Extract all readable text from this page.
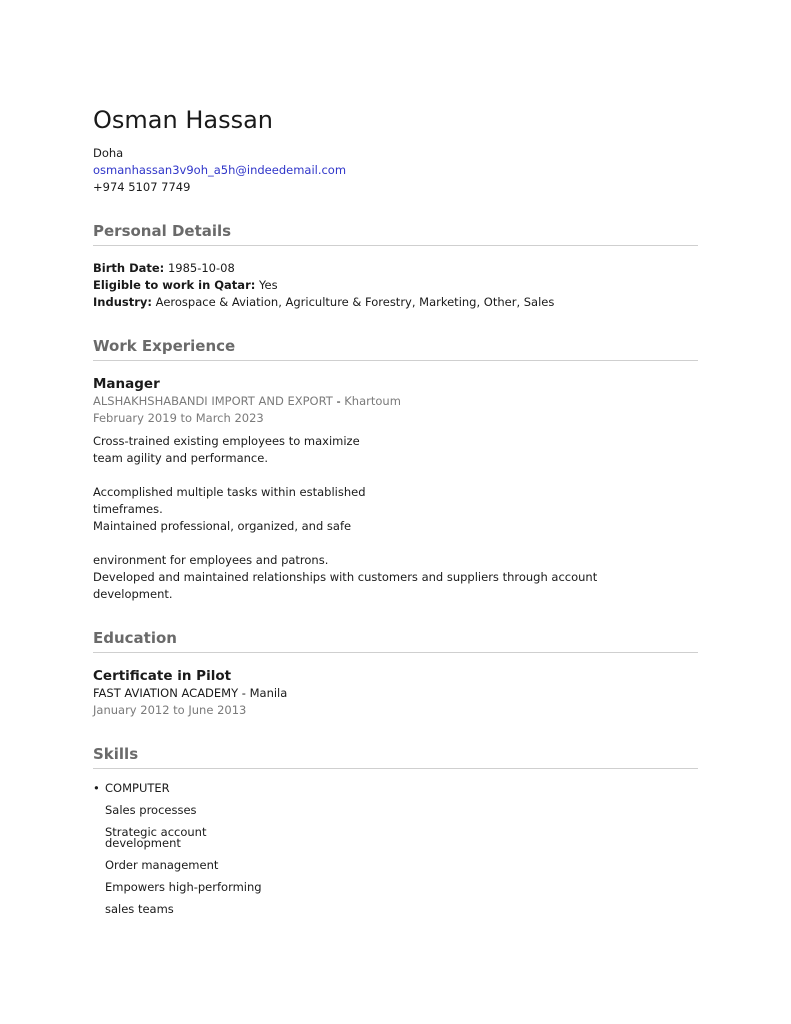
Osman Hassan
Doha
osmanhassan3v9oh_a5h@indeedemail.com
+974 5107 7749
Personal Details
Birth Date: 1985-10-08
Eligible to work in Qatar: Yes
Industry: Aerospace & Aviation, Agriculture & Forestry, Marketing, Other, Sales
Work Experience
Manager
ALSHAKHSHABANDI IMPORT AND EXPORT - Khartoum
February 2019 to March 2023
Cross-trained existing employees to maximize
team agility and performance.

Accomplished multiple tasks within established
timeframes.
Maintained professional, organized, and safe

environment for employees and patrons.
Developed and maintained relationships with customers and suppliers through account
development.
Education
Certificate in Pilot
FAST AVIATION ACADEMY - Manila
January 2012 to June 2013
Skills
• COMPUTER
Sales processes
Strategic account
development
Order management
Empowers high-performing
sales teams
